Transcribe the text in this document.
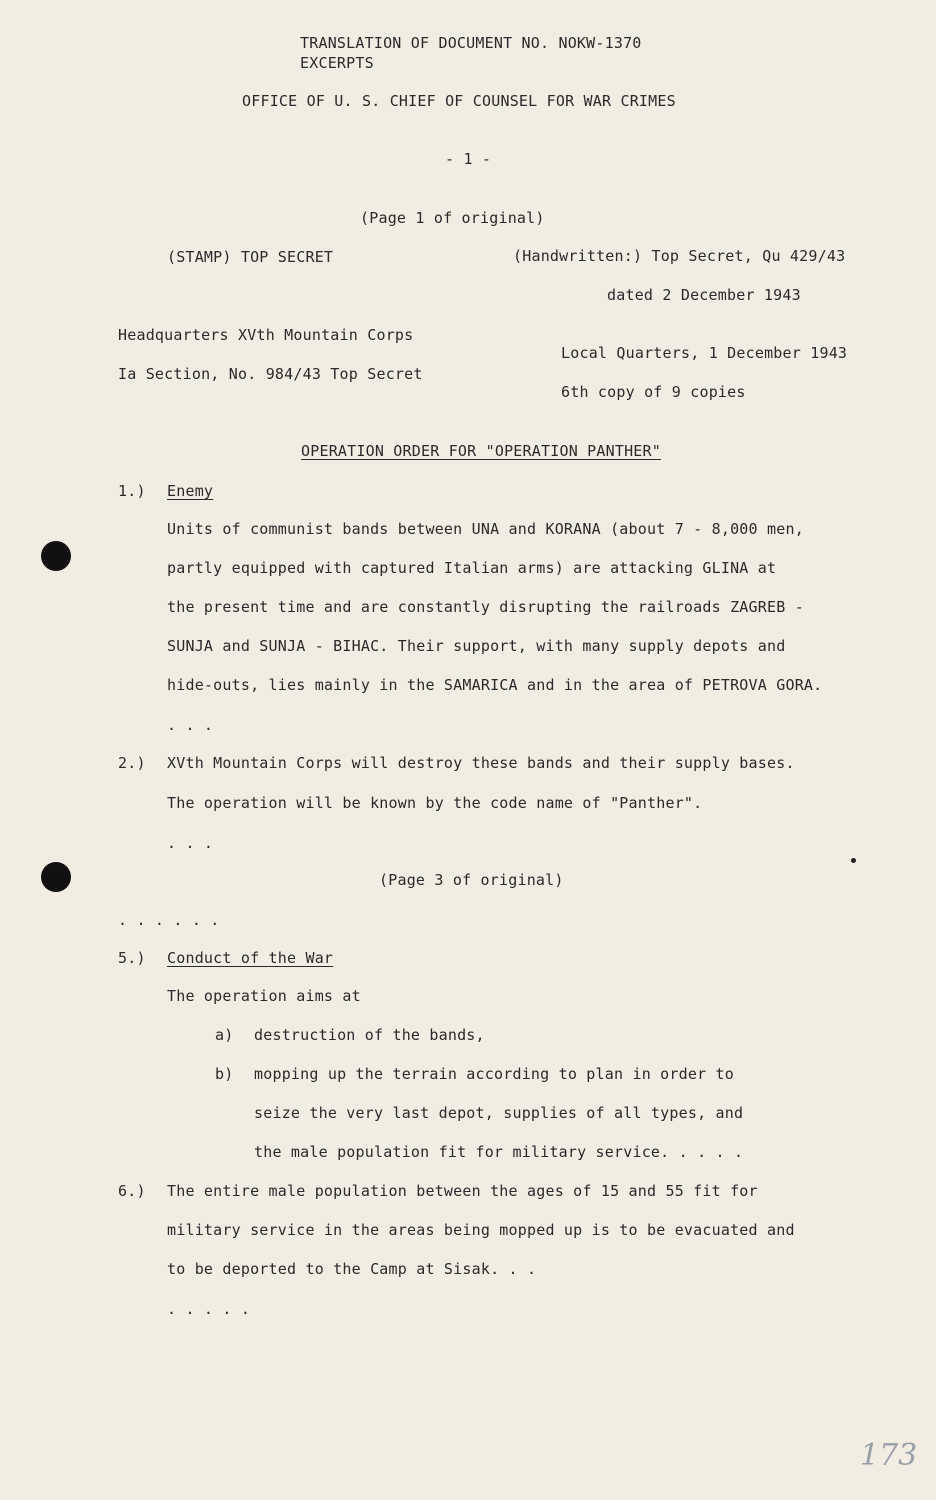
TRANSLATION OF DOCUMENT NO. NOKW-1370
EXCERPTS
OFFICE OF U. S. CHIEF OF COUNSEL FOR WAR CRIMES
- 1 -
(Page 1 of original)
(STAMP) TOP SECRET	(Handwritten:) Top Secret, Qu 429/43
dated 2 December 1943
Headquarters XVth Mountain Corps
Local Quarters, 1 December 1943
Ia Section, No. 984/43 Top Secret
6th copy of 9 copies
OPERATION ORDER FOR "OPERATION PANTHER"
1.) Enemy
Units of communist bands between UNA and KORANA (about 7 - 8,000 men,
partly equipped with captured Italian arms) are attacking GLINA at
the present time and are constantly disrupting the railroads ZAGREB -
SUNJA and SUNJA - BIHAC. Their support, with many supply depots and
hide-outs, lies mainly in the SAMARICA and in the area of PETROVA GORA.
. . .
2.) XVth Mountain Corps will destroy these bands and their supply bases.
The operation will be known by the code name of "Panther".
. . .
(Page 3 of original)
. . . . . .
5.) Conduct of the War
The operation aims at
a) destruction of the bands,
b) mopping up the terrain according to plan in order to
seize the very last depot, supplies of all types, and
the male population fit for military service. . . . .
6.) The entire male population between the ages of 15 and 55 fit for
military service in the areas being mopped up is to be evacuated and
to be deported to the Camp at Sisak. . .
. . . . .
173
